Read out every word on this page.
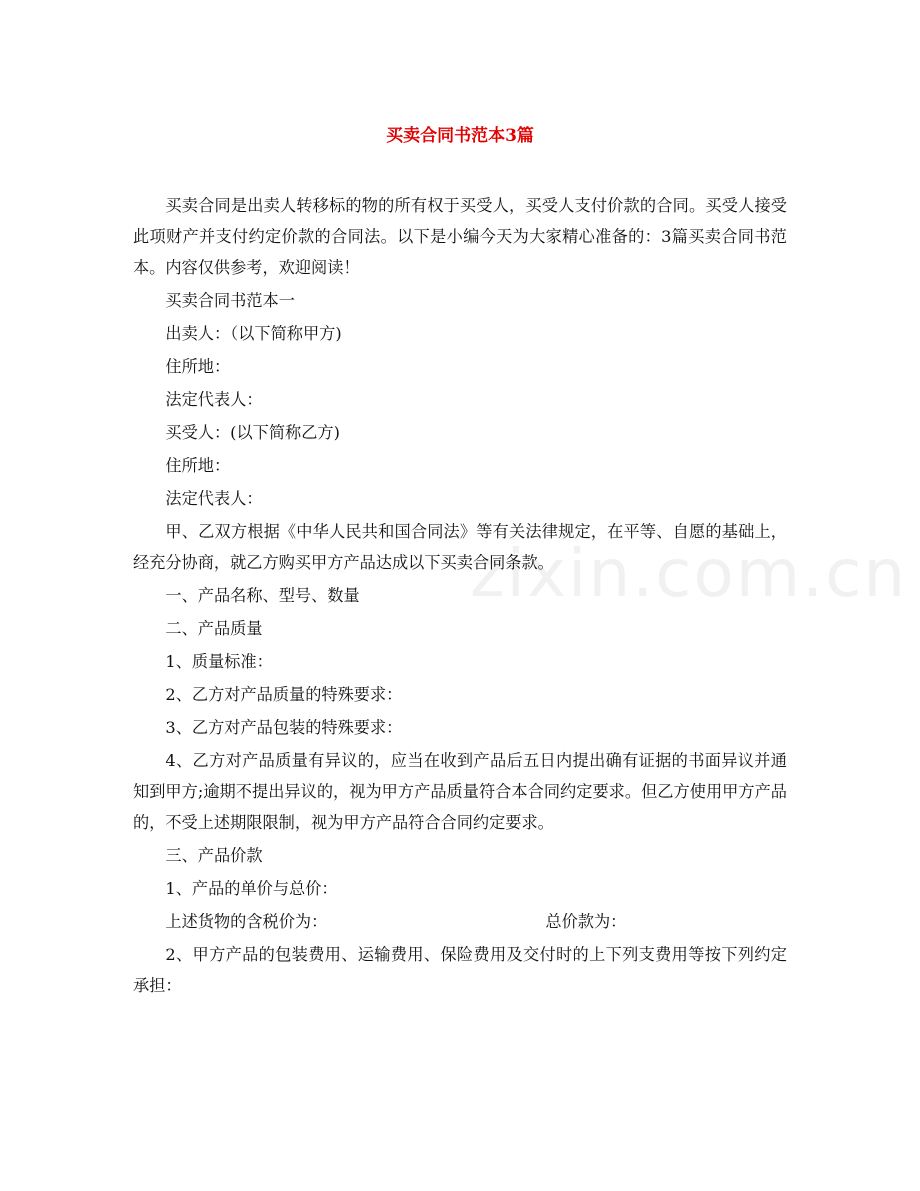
zixin.com.cn
买卖合同书范本3篇

买卖合同是出卖人转移标的物的所有权于买受人，买受人支付价款的合同。买受人接受此项财产并支付约定价款的合同法。以下是小编今天为大家精心准备的：3篇买卖合同书范本。内容仅供参考，欢迎阅读！

买卖合同书范本一

出卖人：（以下简称甲方)

住所地：

法定代表人：

买受人：(以下简称乙方)

住所地：

法定代表人：

甲、乙双方根据《中华人民共和国合同法》等有关法律规定，在平等、自愿的基础上，经充分协商，就乙方购买甲方产品达成以下买卖合同条款。

一、产品名称、型号、数量

二、产品质量

1、质量标准：

2、乙方对产品质量的特殊要求：

3、乙方对产品包装的特殊要求：

4、乙方对产品质量有异议的，应当在收到产品后五日内提出确有证据的书面异议并通知到甲方;逾期不提出异议的，视为甲方产品质量符合本合同约定要求。但乙方使用甲方产品的，不受上述期限限制，视为甲方产品符合合同约定要求。

三、产品价款

1、产品的单价与总价：

上述货物的含税价为：	总价款为：

2、甲方产品的包装费用、运输费用、保险费用及交付时的上下列支费用等按下列约定承担：
